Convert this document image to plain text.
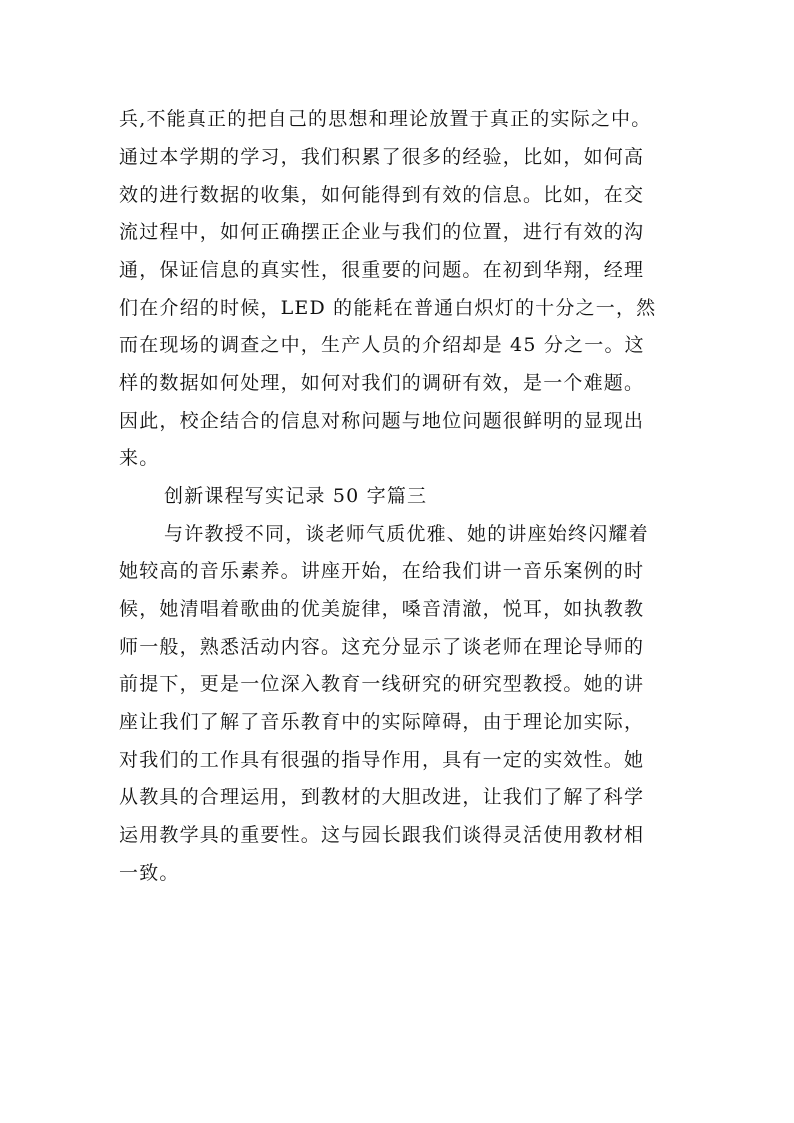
兵,不能真正的把自己的思想和理论放置于真正的实际之中。
通过本学期的学习，我们积累了很多的经验，比如，如何高
效的进行数据的收集，如何能得到有效的信息。比如，在交
流过程中，如何正确摆正企业与我们的位置，进行有效的沟
通，保证信息的真实性，很重要的问题。在初到华翔，经理
们在介绍的时候，LED 的能耗在普通白炽灯的十分之一，然
而在现场的调查之中，生产人员的介绍却是 45 分之一。这
样的数据如何处理，如何对我们的调研有效，是一个难题。
因此，校企结合的信息对称问题与地位问题很鲜明的显现出
来。
创新课程写实记录 50 字篇三
与许教授不同，谈老师气质优雅、她的讲座始终闪耀着
她较高的音乐素养。讲座开始，在给我们讲一音乐案例的时
候，她清唱着歌曲的优美旋律，嗓音清澈，悦耳，如执教教
师一般，熟悉活动内容。这充分显示了谈老师在理论导师的
前提下，更是一位深入教育一线研究的研究型教授。她的讲
座让我们了解了音乐教育中的实际障碍，由于理论加实际，
对我们的工作具有很强的指导作用，具有一定的实效性。她
从教具的合理运用，到教材的大胆改进，让我们了解了科学
运用教学具的重要性。这与园长跟我们谈得灵活使用教材相
一致。
